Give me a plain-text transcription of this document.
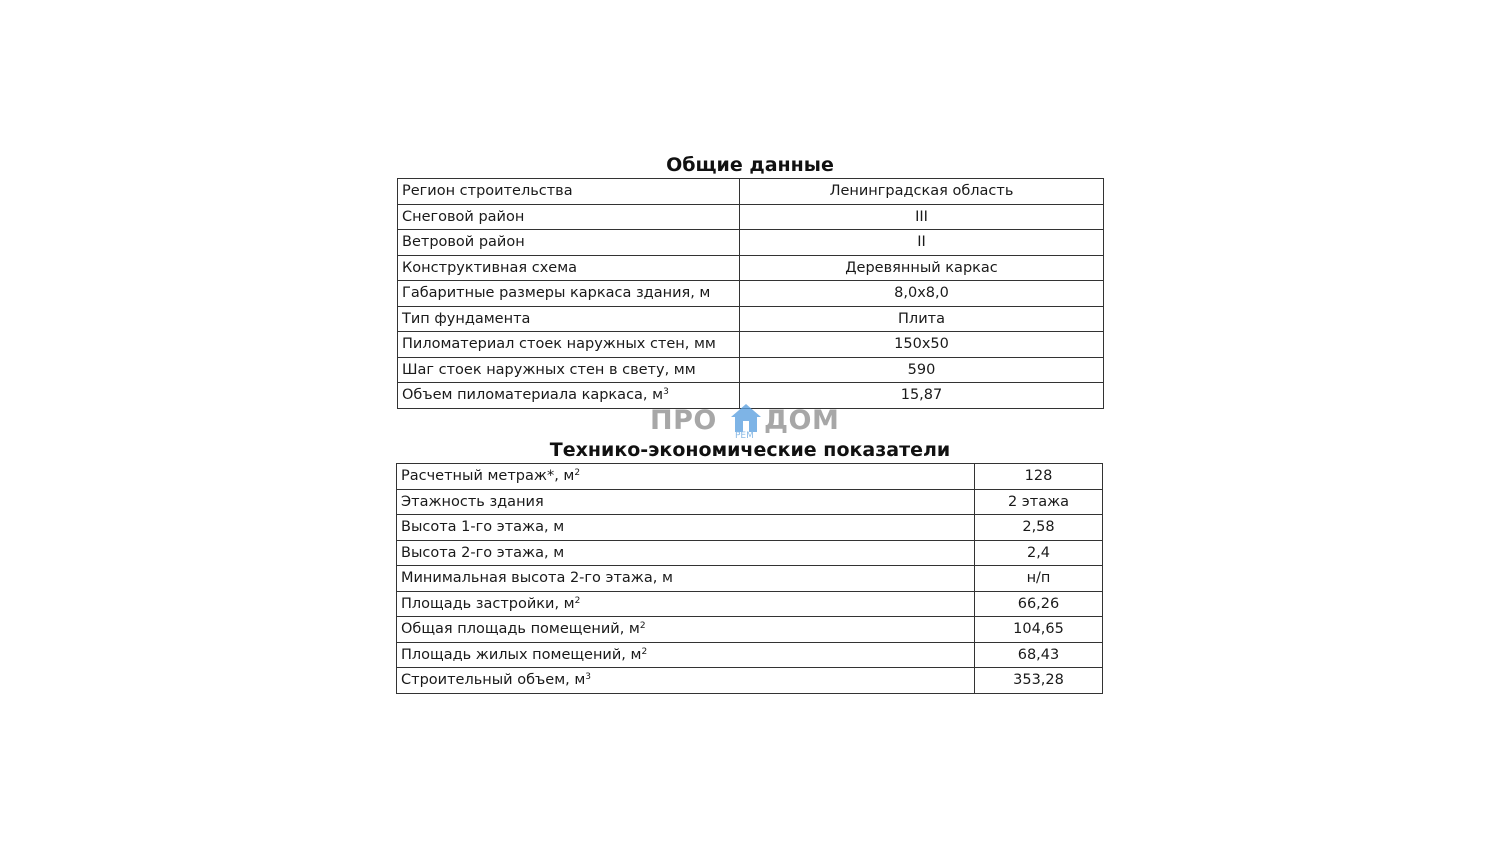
Общие данные
Регион строительства	Ленинградская область
Снеговой район	III
Ветровой район	II
Конструктивная схема	Деревянный каркас
Габаритные размеры каркаса здания, м	8,0х8,0
Тип фундамента	Плита
Пиломатериал стоек наружных стен, мм	150х50
Шаг стоек наружных стен в свету, мм	590
Объем пиломатериала каркаса, $м^3$	15,87
ПРО ДОМ
РЕМ
Технико-экономические показатели
Расчетный метраж*, $м^2$	128
Этажность здания	2 этажа
Высота 1-го этажа, м	2,58
Высота 2-го этажа, м	2,4
Минимальная высота 2-го этажа, м	н/п
Площадь застройки, $м^2$	66,26
Общая площадь помещений, $м^2$	104,65
Площадь жилых помещений, $м^2$	68,43
Строительный объем, $м^3$	353,28
